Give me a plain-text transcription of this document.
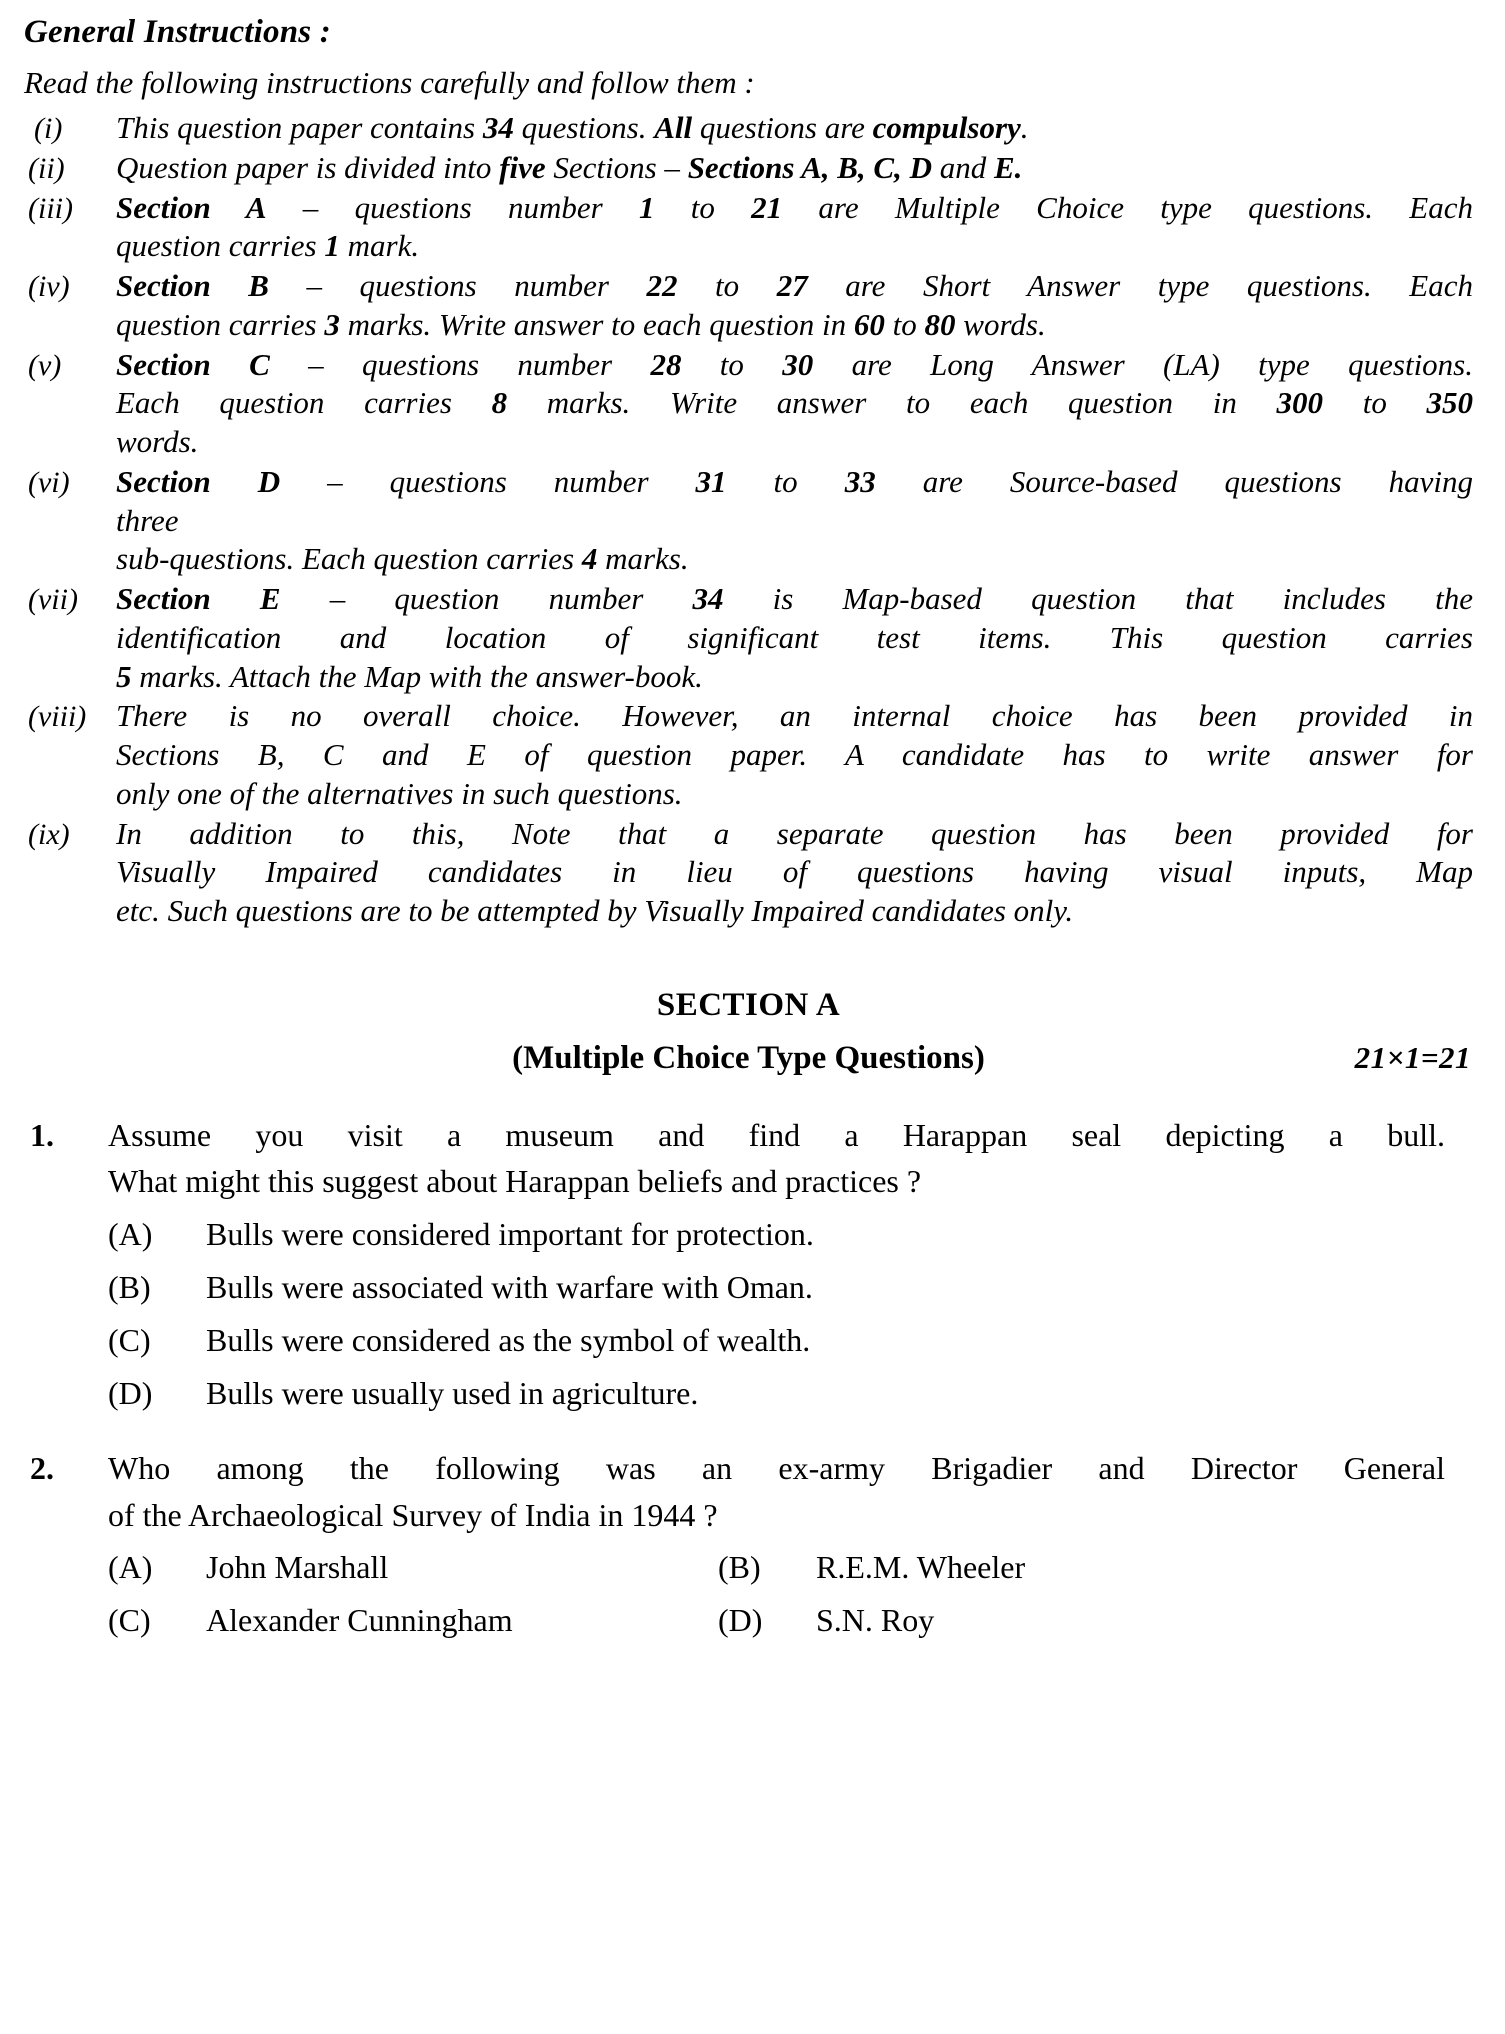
General Instructions :
Read the following instructions carefully and follow them :
(i)	This question paper contains 34 questions. All questions are compulsory.
(ii)	Question paper is divided into five Sections – Sections A, B, C, D and E.
(iii)	Section A – questions number 1 to 21 are Multiple Choice type questions. Each
question carries 1 mark.
(iv)	Section B – questions number 22 to 27 are Short Answer type questions. Each
question carries 3 marks. Write answer to each question in 60 to 80 words.
(v)	Section C – questions number 28 to 30 are Long Answer (LA) type questions.
Each question carries 8 marks. Write answer to each question in 300 to 350
words.
(vi)	Section D – questions number 31 to 33 are Source-based questions having
three
sub-questions. Each question carries 4 marks.
(vii)	Section E – question number 34 is Map-based question that includes the
identification and location of significant test items. This question carries
5 marks. Attach the Map with the answer-book.
(viii) There is no overall choice. However, an internal choice has been provided in
Sections B, C and E of question paper. A candidate has to write answer for
only one of the alternatives in such questions.
(ix)	In addition to this, Note that a separate question has been provided for
Visually Impaired candidates in lieu of questions having visual inputs, Map
etc. Such questions are to be attempted by Visually Impaired candidates only.
SECTION A
(Multiple Choice Type Questions)	21×1=21
1.	Assume you visit a museum and find a Harappan seal depicting a bull.
What might this suggest about Harappan beliefs and practices ?
(A)	Bulls were considered important for protection.
(B)	Bulls were associated with warfare with Oman.
(C)	Bulls were considered as the symbol of wealth.
(D)	Bulls were usually used in agriculture.
2.	Who among the following was an ex-army Brigadier and Director General
of the Archaeological Survey of India in 1944 ?
(A)	John Marshall	(B)	R.E.M. Wheeler
(C)	Alexander Cunningham	(D)	S.N. Roy
